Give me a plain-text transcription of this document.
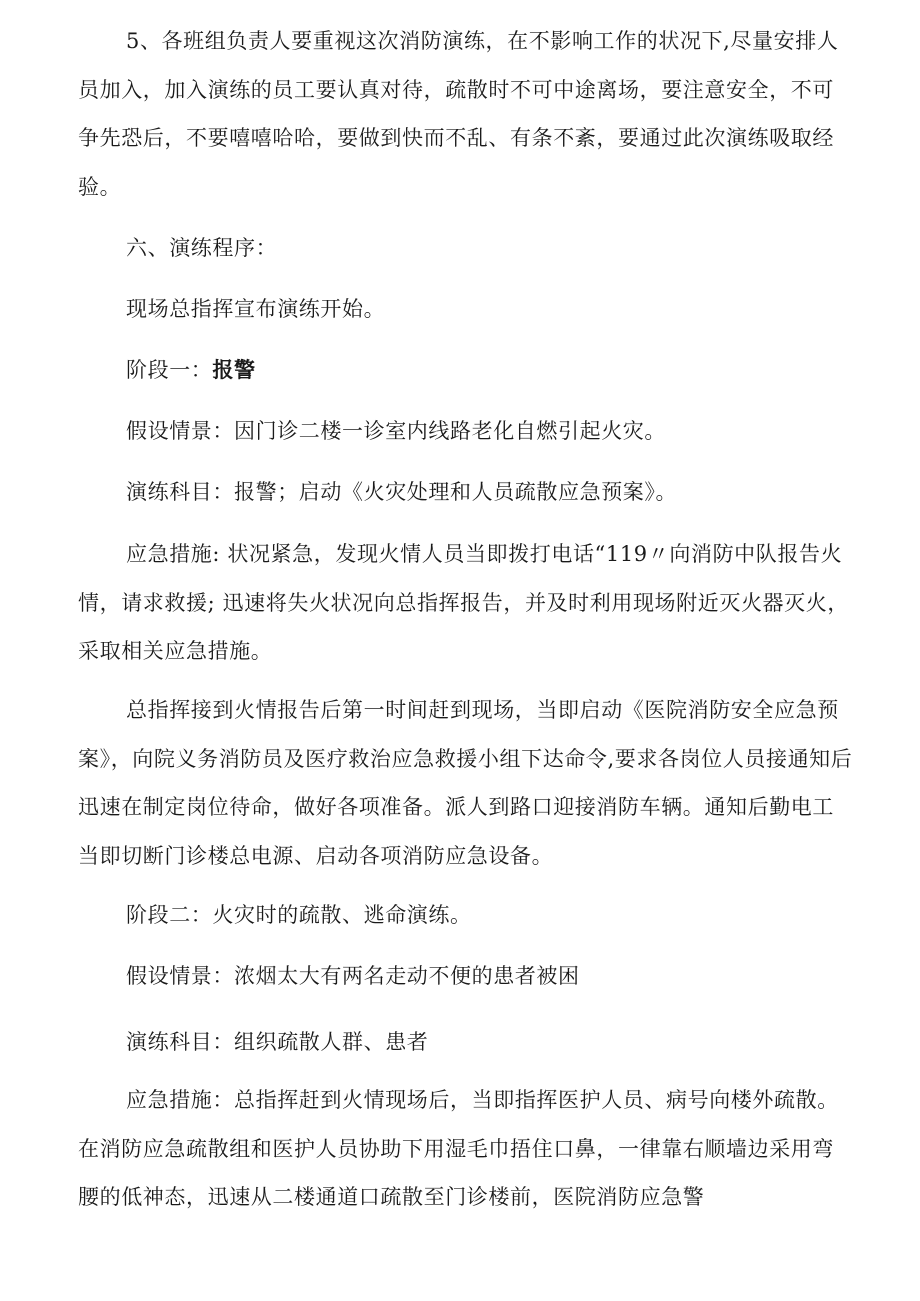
5、各班组负责人要重视这次消防演练，在不影响工作的状况下,尽量安排人员加入，加入演练的员工要认真对待，疏散时不可中途离场，要注意安全，不可争先恐后，不要嘻嘻哈哈，要做到快而不乱、有条不紊，要通过此次演练吸取经验。

六、演练程序：

现场总指挥宣布演练开始。

阶段一：报警

假设情景：因门诊二楼一诊室内线路老化自燃引起火灾。

演练科目：报警；启动《火灾处理和人员疏散应急预案》。

应急措施: 状况紧急，发现火情人员当即拨打电话“119〃向消防中队报告火情，请求救援; 迅速将失火状况向总指挥报告，并及时利用现场附近灭火器灭火，采取相关应急措施。

总指挥接到火情报告后第一时间赶到现场，当即启动《医院消防安全应急预案》，向院义务消防员及医疗救治应急救援小组下达命令,要求各岗位人员接通知后迅速在制定岗位待命，做好各项准备。派人到路口迎接消防车辆。通知后勤电工当即切断门诊楼总电源、启动各项消防应急设备。

阶段二：火灾时的疏散、逃命演练。

假设情景：浓烟太大有两名走动不便的患者被困

演练科目：组织疏散人群、患者

应急措施：总指挥赶到火情现场后，当即指挥医护人员、病号向楼外疏散。在消防应急疏散组和医护人员协助下用湿毛巾捂住口鼻，一律靠右顺墙边采用弯腰的低神态，迅速从二楼通道口疏散至门诊楼前，医院消防应急警
